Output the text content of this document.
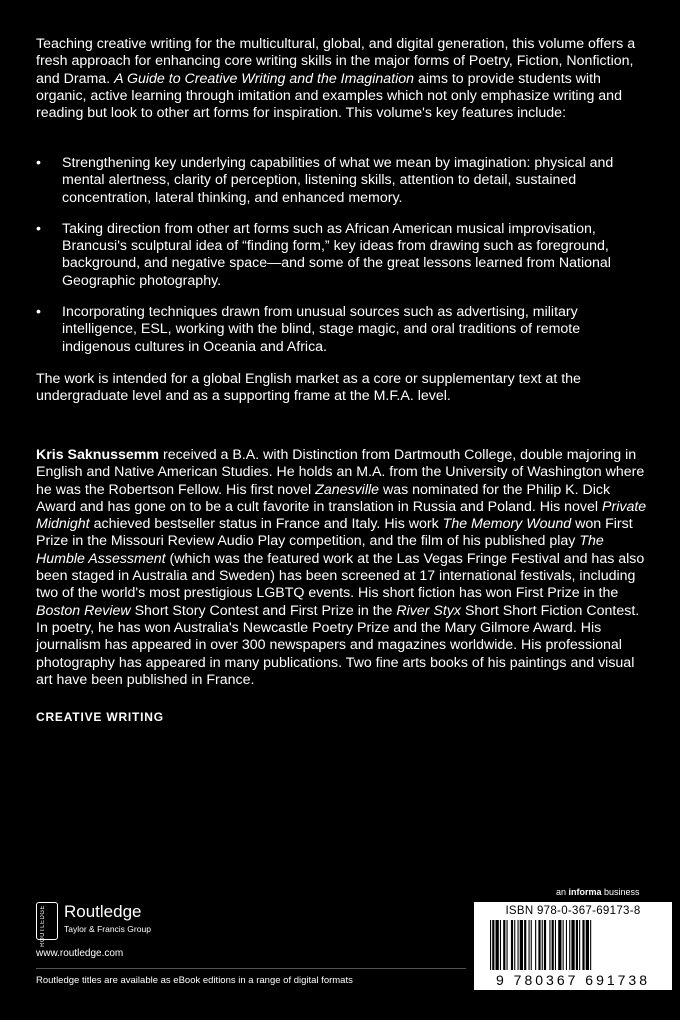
Teaching creative writing for the multicultural, global, and digital generation, this volume offers a fresh approach for enhancing core writing skills in the major forms of Poetry, Fiction, Nonfiction, and Drama. A Guide to Creative Writing and the Imagination aims to provide students with organic, active learning through imitation and examples which not only emphasize writing and reading but look to other art forms for inspiration. This volume's key features include:

• Strengthening key underlying capabilities of what we mean by imagination: physical and mental alertness, clarity of perception, listening skills, attention to detail, sustained concentration, lateral thinking, and enhanced memory.
• Taking direction from other art forms such as African American musical improvisation, Brancusi's sculptural idea of “finding form,” key ideas from drawing such as foreground, background, and negative space—and some of the great lessons learned from National Geographic photography.
• Incorporating techniques drawn from unusual sources such as advertising, military intelligence, ESL, working with the blind, stage magic, and oral traditions of remote indigenous cultures in Oceania and Africa.

The work is intended for a global English market as a core or supplementary text at the undergraduate level and as a supporting frame at the M.F.A. level.

Kris Saknussemm received a B.A. with Distinction from Dartmouth College, double majoring in English and Native American Studies. He holds an M.A. from the University of Washington where he was the Robertson Fellow. His first novel Zanesville was nominated for the Philip K. Dick Award and has gone on to be a cult favorite in translation in Russia and Poland. His novel Private Midnight achieved bestseller status in France and Italy. His work The Memory Wound won First Prize in the Missouri Review Audio Play competition, and the film of his published play The Humble Assessment (which was the featured work at the Las Vegas Fringe Festival and has also been staged in Australia and Sweden) has been screened at 17 international festivals, including two of the world's most prestigious LGBTQ events. His short fiction has won First Prize in the Boston Review Short Story Contest and First Prize in the River Styx Short Short Fiction Contest. In poetry, he has won Australia's Newcastle Poetry Prize and the Mary Gilmore Award. His journalism has appeared in over 300 newspapers and magazines worldwide. His professional photography has appeared in many publications. Two fine arts books of his paintings and visual art have been published in France.

CREATIVE WRITING
ROUTLEDGE Routledge
Taylor & Francis Group
www.routledge.com
Routledge titles are available as eBook editions in a range of digital formats
an informa business
ISBN 978-0-367-69173-8
9 780367 691738
